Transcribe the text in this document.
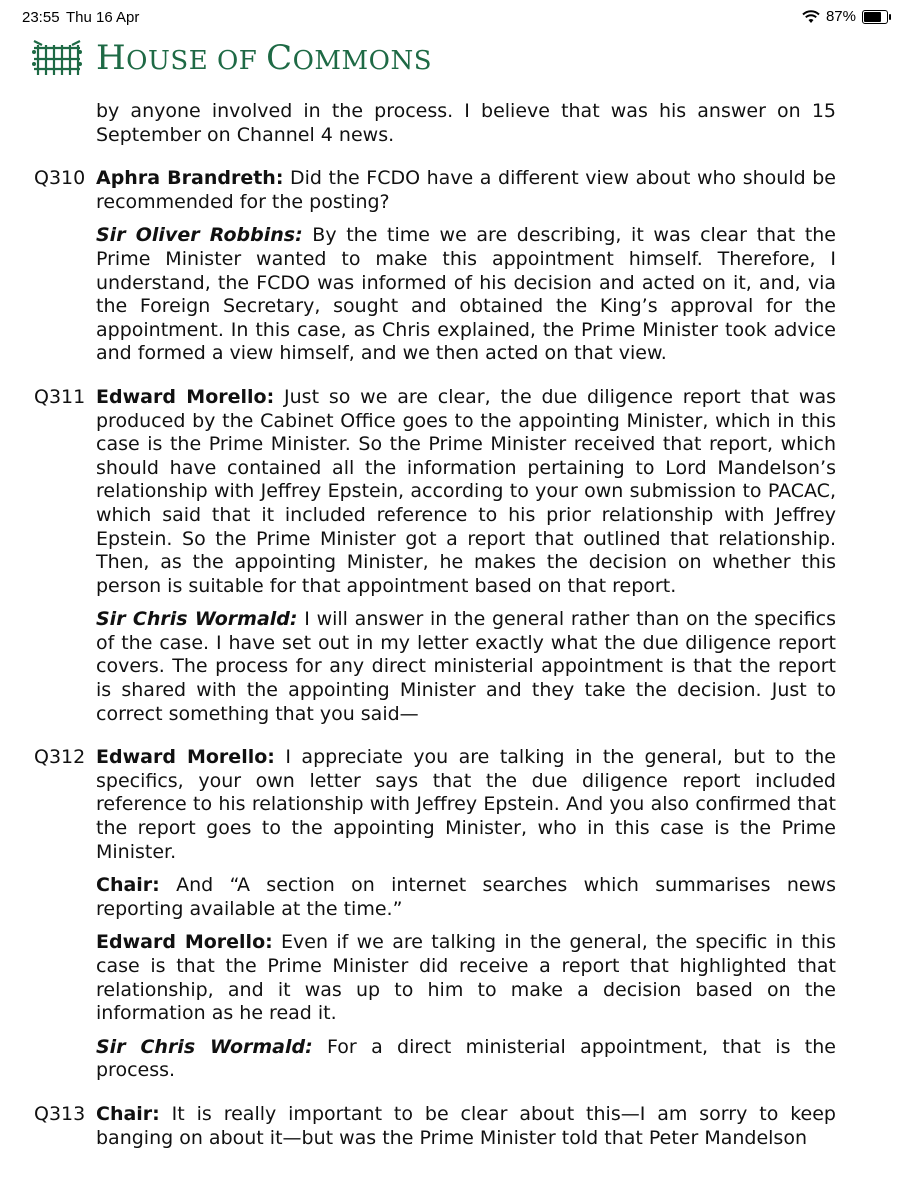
23:55 Thu 16 Apr	87%
HOUSE OF COMMONS
by anyone involved in the process. I believe that was his answer on 15 September on Channel 4 news.
Q310 Aphra Brandreth: Did the FCDO have a different view about who should be recommended for the posting?
Sir Oliver Robbins: By the time we are describing, it was clear that the Prime Minister wanted to make this appointment himself. Therefore, I understand, the FCDO was informed of his decision and acted on it, and, via the Foreign Secretary, sought and obtained the King’s approval for the appointment. In this case, as Chris explained, the Prime Minister took advice and formed a view himself, and we then acted on that view.
Q311 Edward Morello: Just so we are clear, the due diligence report that was produced by the Cabinet Office goes to the appointing Minister, which in this case is the Prime Minister. So the Prime Minister received that report, which should have contained all the information pertaining to Lord Mandelson’s relationship with Jeffrey Epstein, according to your own submission to PACAC, which said that it included reference to his prior relationship with Jeffrey Epstein. So the Prime Minister got a report that outlined that relationship. Then, as the appointing Minister, he makes the decision on whether this person is suitable for that appointment based on that report.
Sir Chris Wormald: I will answer in the general rather than on the specifics of the case. I have set out in my letter exactly what the due diligence report covers. The process for any direct ministerial appointment is that the report is shared with the appointing Minister and they take the decision. Just to correct something that you said—
Q312 Edward Morello: I appreciate you are talking in the general, but to the specifics, your own letter says that the due diligence report included reference to his relationship with Jeffrey Epstein. And you also confirmed that the report goes to the appointing Minister, who in this case is the Prime Minister.
Chair: And “A section on internet searches which summarises news reporting available at the time.”
Edward Morello: Even if we are talking in the general, the specific in this case is that the Prime Minister did receive a report that highlighted that relationship, and it was up to him to make a decision based on the information as he read it.
Sir Chris Wormald: For a direct ministerial appointment, that is the process.
Q313 Chair: It is really important to be clear about this—I am sorry to keep banging on about it—but was the Prime Minister told that Peter Mandelson
